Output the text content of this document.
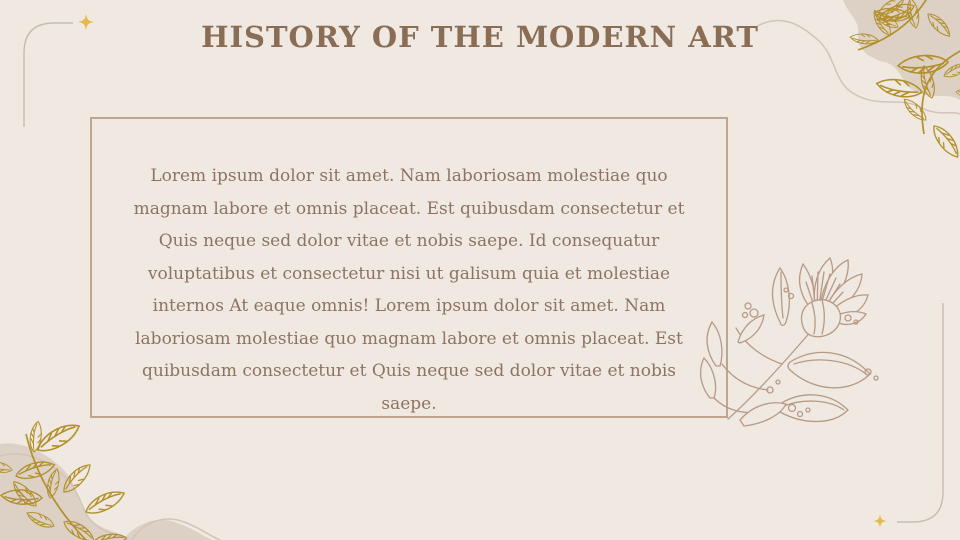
HISTORY OF THE MODERN ART

Lorem ipsum dolor sit amet. Nam laboriosam molestiae quo

magnam labore et omnis placeat. Est quibusdam consectetur et

Quis neque sed dolor vitae et nobis saepe. Id consequatur

voluptatibus et consectetur nisi ut galisum quia et molestiae

internos At eaque omnis! Lorem ipsum dolor sit amet. Nam

laboriosam molestiae quo magnam labore et omnis placeat. Est

quibusdam consectetur et Quis neque sed dolor vitae et nobis saepe.
